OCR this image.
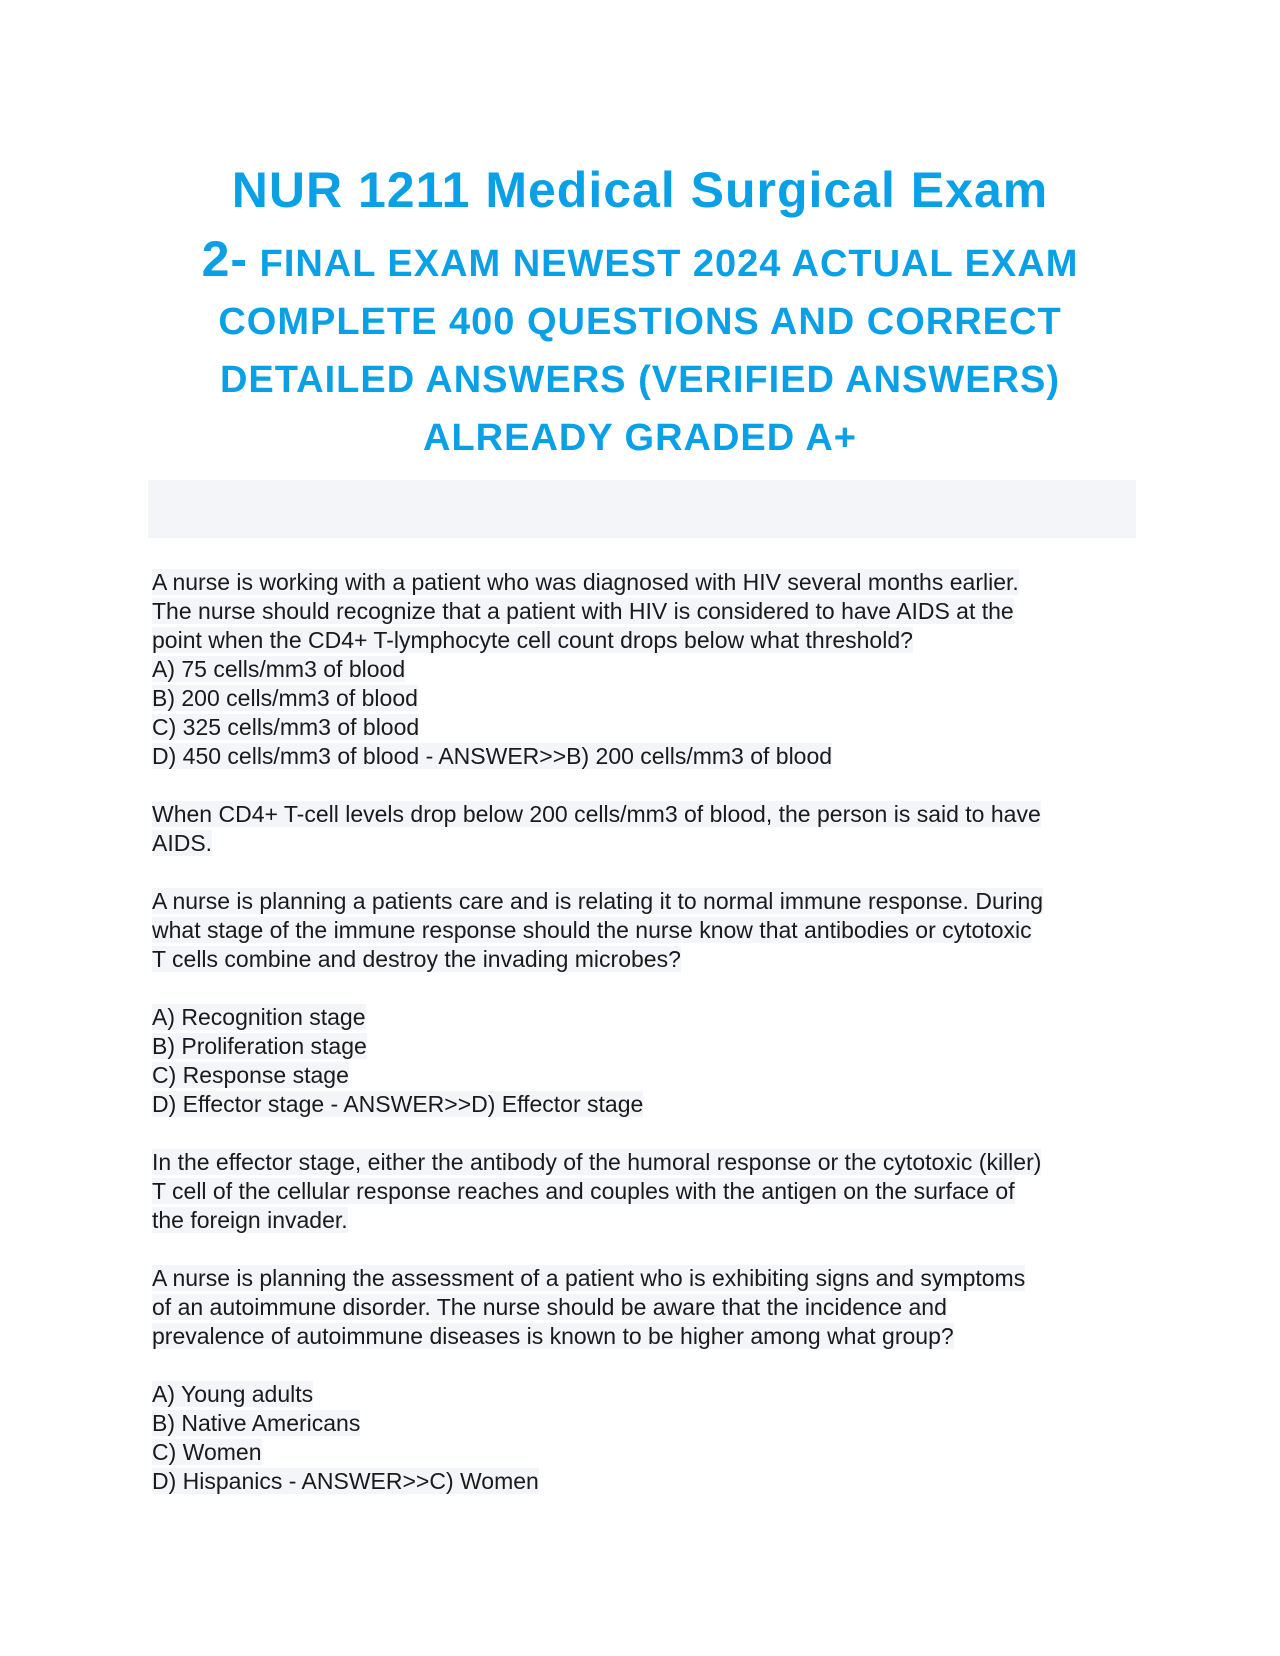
NUR 1211 Medical Surgical Exam

2- FINAL EXAM NEWEST 2024 ACTUAL EXAM

COMPLETE 400 QUESTIONS AND CORRECT

DETAILED ANSWERS (VERIFIED ANSWERS)

ALREADY GRADED A+

A nurse is working with a patient who was diagnosed with HIV several months earlier.
The nurse should recognize that a patient with HIV is considered to have AIDS at the
point when the CD4+ T-lymphocyte cell count drops below what threshold?
A) 75 cells/mm3 of blood
B) 200 cells/mm3 of blood
C) 325 cells/mm3 of blood
D) 450 cells/mm3 of blood - ANSWER>>B) 200 cells/mm3 of blood
When CD4+ T-cell levels drop below 200 cells/mm3 of blood, the person is said to have
AIDS.
A nurse is planning a patients care and is relating it to normal immune response. During
what stage of the immune response should the nurse know that antibodies or cytotoxic
T cells combine and destroy the invading microbes?
A) Recognition stage
B) Proliferation stage
C) Response stage
D) Effector stage - ANSWER>>D) Effector stage
In the effector stage, either the antibody of the humoral response or the cytotoxic (killer)
T cell of the cellular response reaches and couples with the antigen on the surface of
the foreign invader.
A nurse is planning the assessment of a patient who is exhibiting signs and symptoms
of an autoimmune disorder. The nurse should be aware that the incidence and
prevalence of autoimmune diseases is known to be higher among what group?
A) Young adults
B) Native Americans
C) Women
D) Hispanics - ANSWER>>C) Women
